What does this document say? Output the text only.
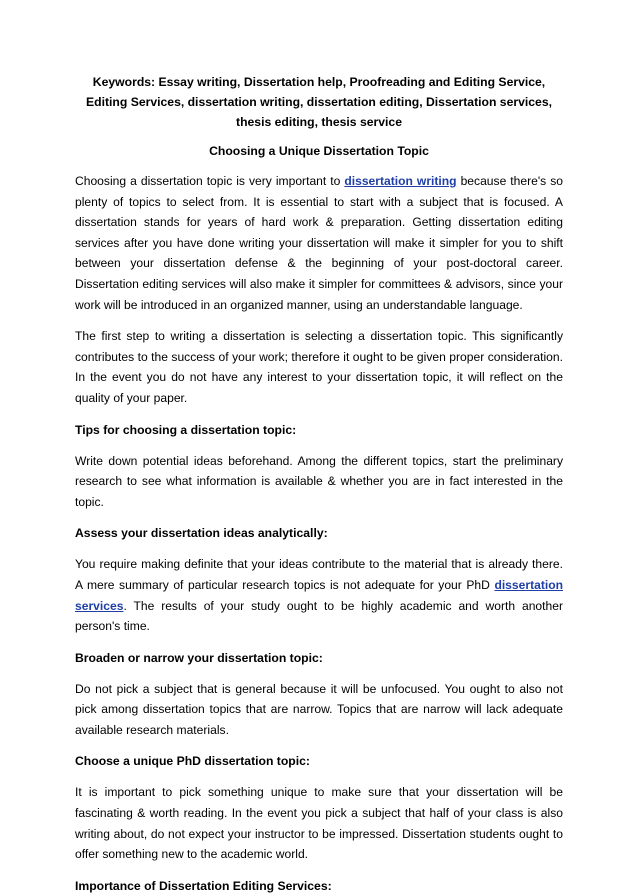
Keywords: Essay writing, Dissertation help, Proofreading and Editing Service, Editing Services, dissertation writing, dissertation editing, Dissertation services, thesis editing, thesis service
Choosing a Unique Dissertation Topic

Choosing a dissertation topic is very important to dissertation writing because there's so plenty of topics to select from. It is essential to start with a subject that is focused. A dissertation stands for years of hard work & preparation. Getting dissertation editing services after you have done writing your dissertation will make it simpler for you to shift between your dissertation defense & the beginning of your post-doctoral career. Dissertation editing services will also make it simpler for committees & advisors, since your work will be introduced in an organized manner, using an understandable language.

The first step to writing a dissertation is selecting a dissertation topic. This significantly contributes to the success of your work; therefore it ought to be given proper consideration. In the event you do not have any interest to your dissertation topic, it will reflect on the quality of your paper.

Tips for choosing a dissertation topic:

Write down potential ideas beforehand. Among the different topics, start the preliminary research to see what information is available & whether you are in fact interested in the topic.

Assess your dissertation ideas analytically:

You require making definite that your ideas contribute to the material that is already there. A mere summary of particular research topics is not adequate for your PhD dissertation services. The results of your study ought to be highly academic and worth another person's time.

Broaden or narrow your dissertation topic:

Do not pick a subject that is general because it will be unfocused. You ought to also not pick among dissertation topics that are narrow. Topics that are narrow will lack adequate available research materials.

Choose a unique PhD dissertation topic:

It is important to pick something unique to make sure that your dissertation will be fascinating & worth reading. In the event you pick a subject that half of your class is also writing about, do not expect your instructor to be impressed. Dissertation students ought to offer something new to the academic world.

Importance of Dissertation Editing Services:
